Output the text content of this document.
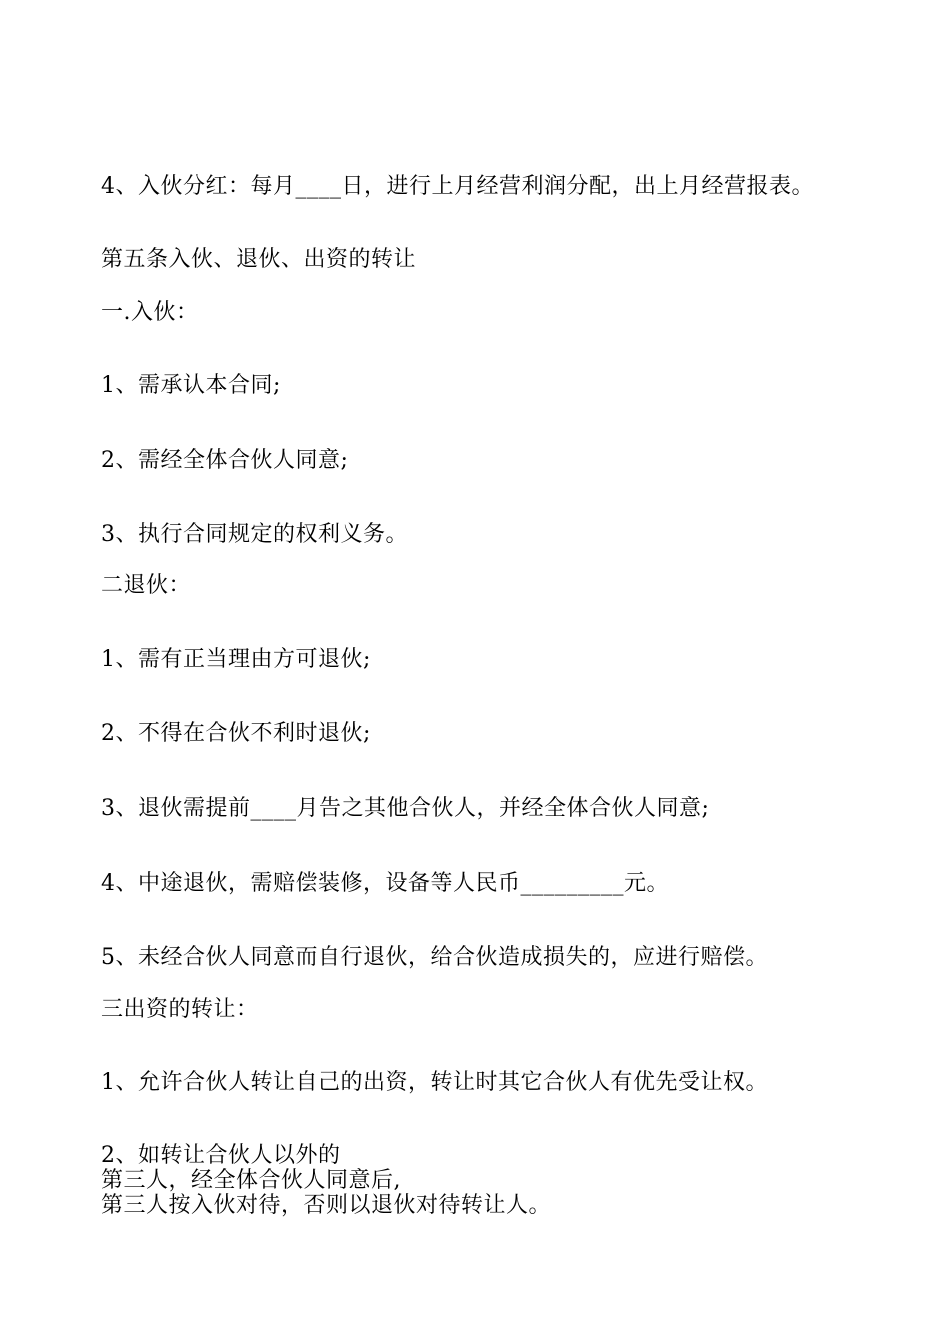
4、入伙分红：每月____日，进行上月经营利润分配，出上月经营报表。
第五条入伙、退伙、出资的转让
一.入伙：
1、需承认本合同;
2、需经全体合伙人同意;
3、执行合同规定的权利义务。
二退伙：
1、需有正当理由方可退伙;
2、不得在合伙不利时退伙;
3、退伙需提前____月告之其他合伙人，并经全体合伙人同意;
4、中途退伙，需赔偿装修，设备等人民币_________元。
5、未经合伙人同意而自行退伙，给合伙造成损失的，应进行赔偿。
三出资的转让：
1、允许合伙人转让自己的出资，转让时其它合伙人有优先受让权。
2、如转让合伙人以外的
第三人，经全体合伙人同意后,
第三人按入伙对待，否则以退伙对待转让人。
